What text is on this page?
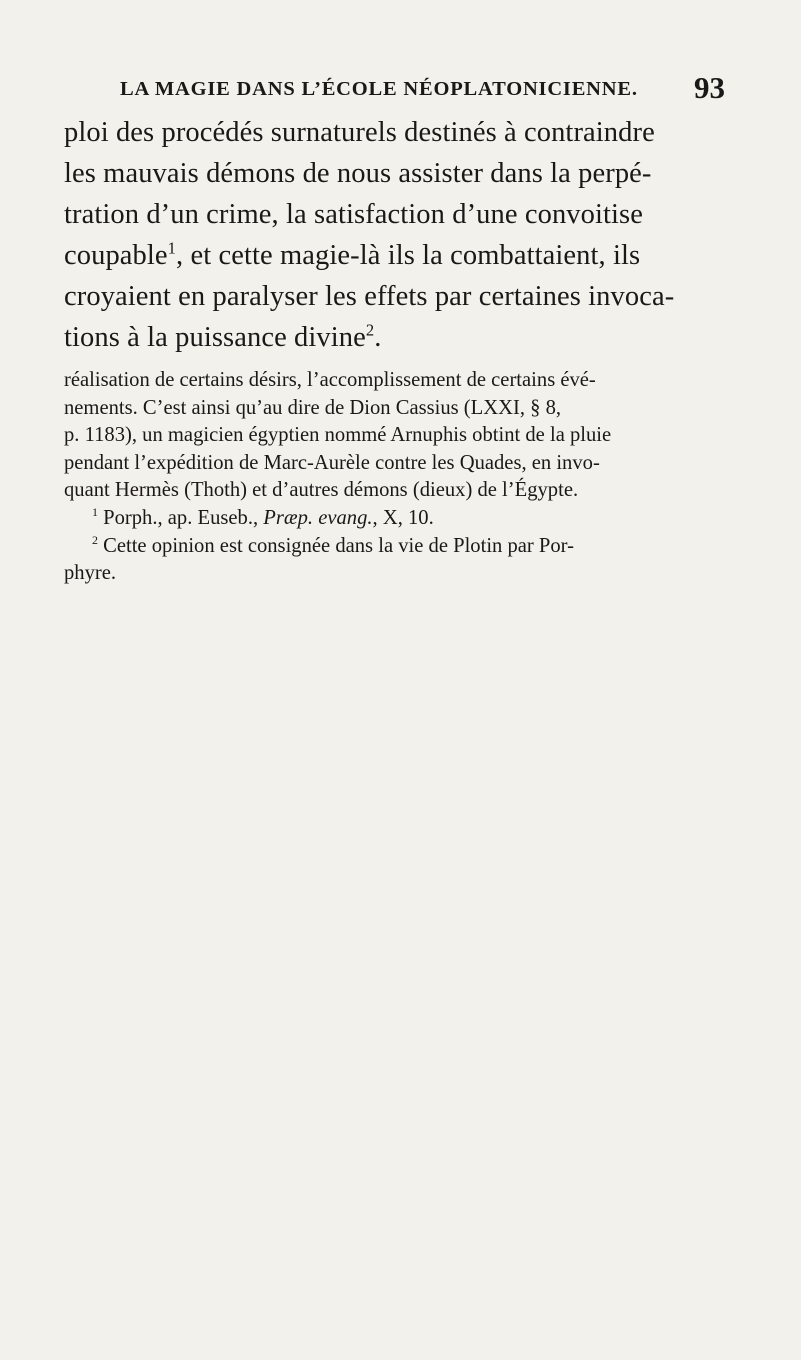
LA MAGIE DANS L’ÉCOLE NÉOPLATONICIENNE. 93
ploi des procédés surnaturels destinés à contraindre
les mauvais démons de nous assister dans la perpé-
tration d’un crime, la satisfaction d’une convoitise
coupable$^1$, et cette magie-là ils la combattaient, ils
croyaient en paralyser les effets par certaines invoca-
tions à la puissance divine$^2$.
réalisation de certains désirs, l’accomplissement de certains évé-
nements. C’est ainsi qu’au dire de Dion Cassius (LXXI, § 8,
p. 1183), un magicien égyptien nommé Arnuphis obtint de la pluie
pendant l’expédition de Marc-Aurèle contre les Quades, en invo-
quant Hermès (Thoth) et d’autres démons (dieux) de l’Égypte.
$^1$ Porph., ap. Euseb., Præp. evang., X, 10.
$^2$ Cette opinion est consignée dans la vie de Plotin par Por-
phyre.
